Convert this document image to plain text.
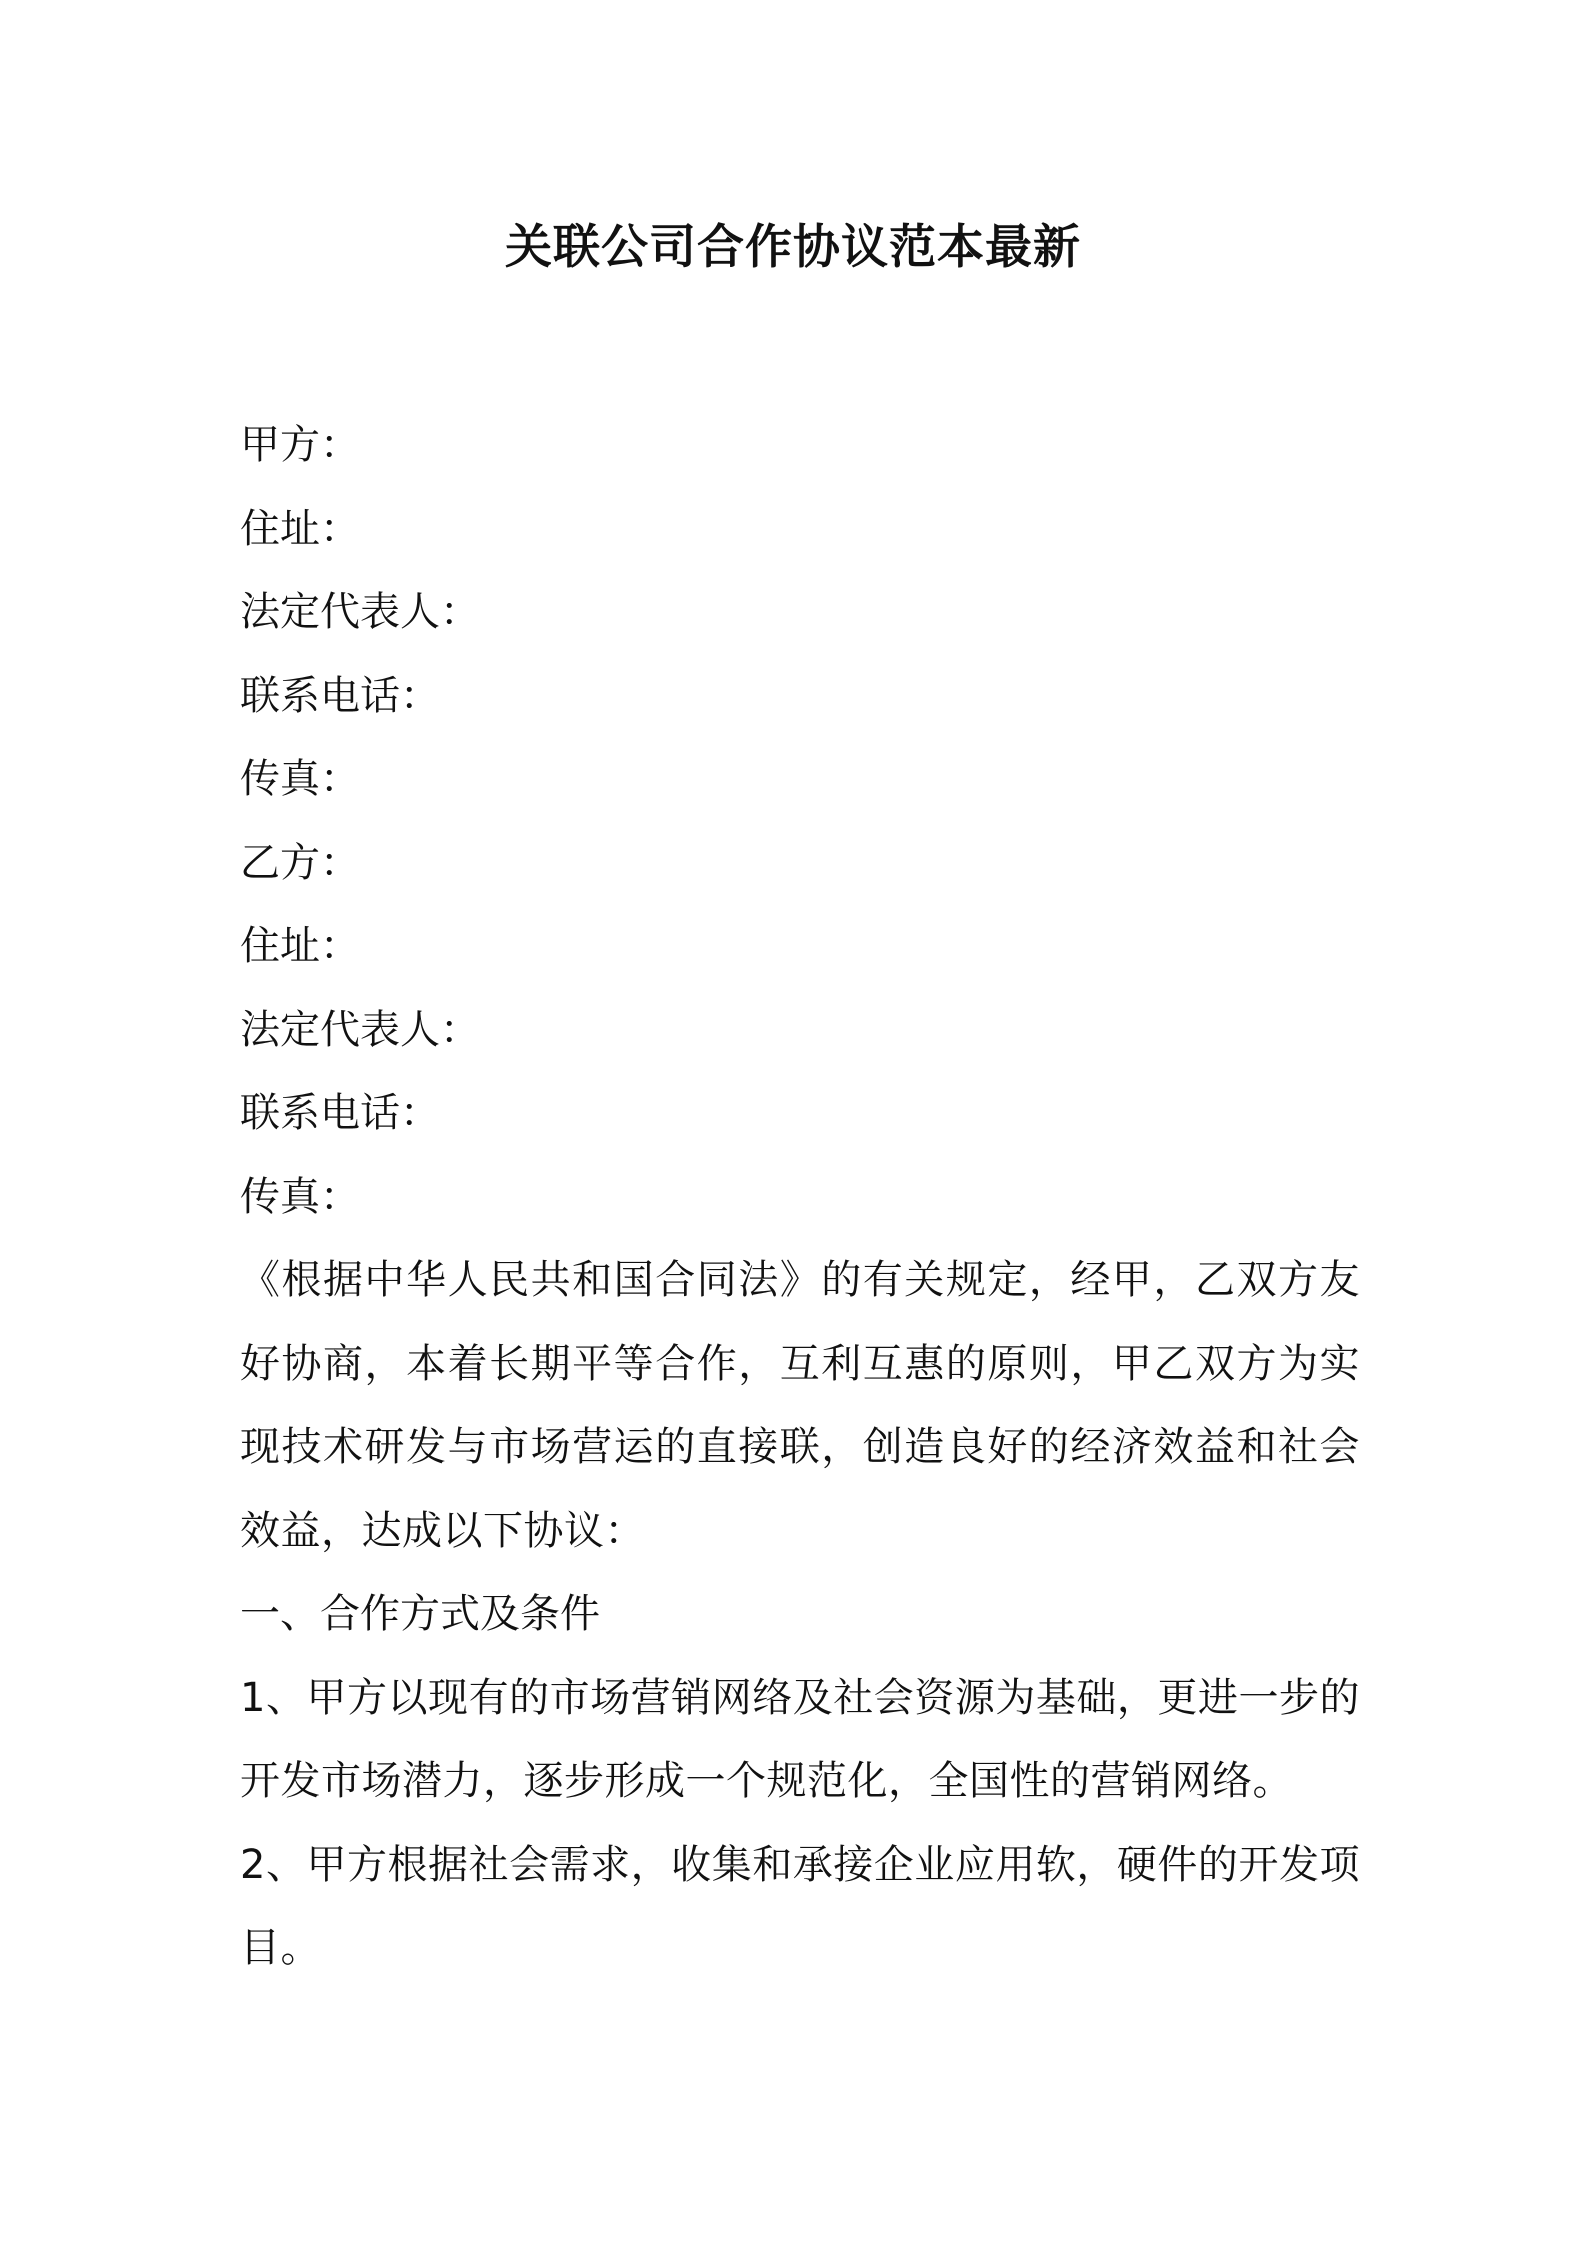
关联公司合作协议范本最新

甲方：

住址：

法定代表人：

联系电话：

传真：

乙方：

住址：

法定代表人：

联系电话：

传真：

《根据中华人民共和国合同法》的有关规定，经甲，乙双方友好协商，本着长期平等合作，互利互惠的原则，甲乙双方为实现技术研发与市场营运的直接联，创造良好的经济效益和社会效益，达成以下协议：

一、合作方式及条件

1、甲方以现有的市场营销网络及社会资源为基础，更进一步的开发市场潜力，逐步形成一个规范化，全国性的营销网络。

2、甲方根据社会需求，收集和承接企业应用软，硬件的开发项目。
